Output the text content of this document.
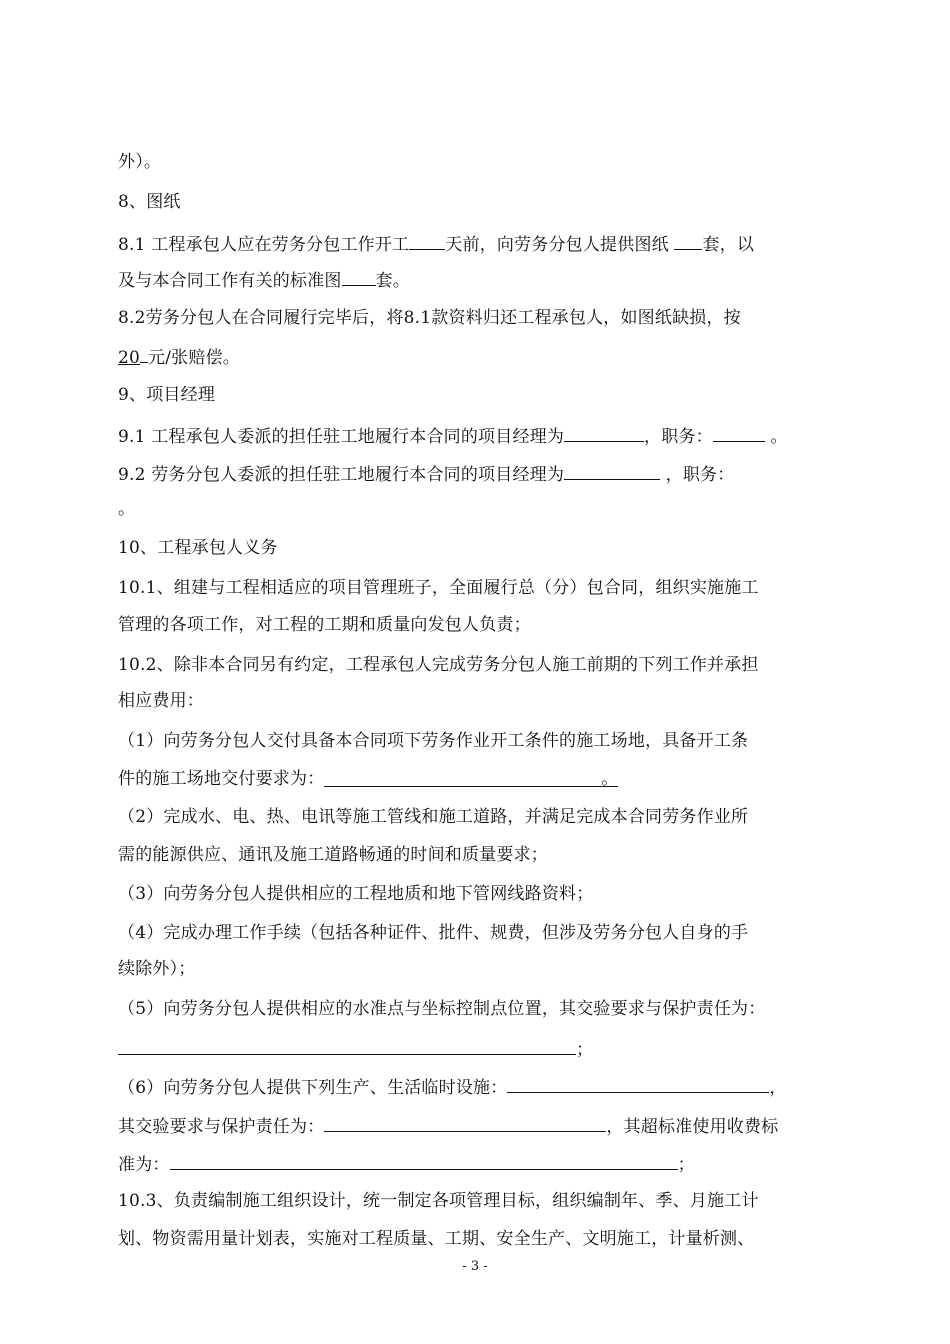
外）。
8、图纸
8.1 工程承包人应在劳务分包工作开工 天前，向劳务分包人提供图纸 套，以
及与本合同工作有关的标准图 套。
8.2劳务分包人在合同履行完毕后，将8.1款资料归还工程承包人，如图纸缺损，按
20 元/张赔偿。
9、项目经理
9.1 工程承包人委派的担任驻工地履行本合同的项目经理为	，职务：	。
9.2 劳务分包人委派的担任驻工地履行本合同的项目经理为	，职务：
。
10、工程承包人义务
10.1、组建与工程相适应的项目管理班子，全面履行总（分）包合同，组织实施施工
管理的各项工作，对工程的工期和质量向发包人负责；
10.2、除非本合同另有约定，工程承包人完成劳务分包人施工前期的下列工作并承担
相应费用：
（1）向劳务分包人交付具备本合同项下劳务作业开工条件的施工场地，具备开工条
件的施工场地交付要求为：	。
（2）完成水、电、热、电讯等施工管线和施工道路，并满足完成本合同劳务作业所
需的能源供应、通讯及施工道路畅通的时间和质量要求；
（3）向劳务分包人提供相应的工程地质和地下管网线路资料；
（4）完成办理工作手续（包括各种证件、批件、规费，但涉及劳务分包人自身的手
续除外）；
（5）向劳务分包人提供相应的水准点与坐标控制点位置，其交验要求与保护责任为：
；
（6）向劳务分包人提供下列生产、生活临时设施：	，
其交验要求与保护责任为：	，其超标准使用收费标
准为：	；
10.3、负责编制施工组织设计，统一制定各项管理目标，组织编制年、季、月施工计
划、物资需用量计划表，实施对工程质量、工期、安全生产、文明施工，计量析测、
- 3 -
